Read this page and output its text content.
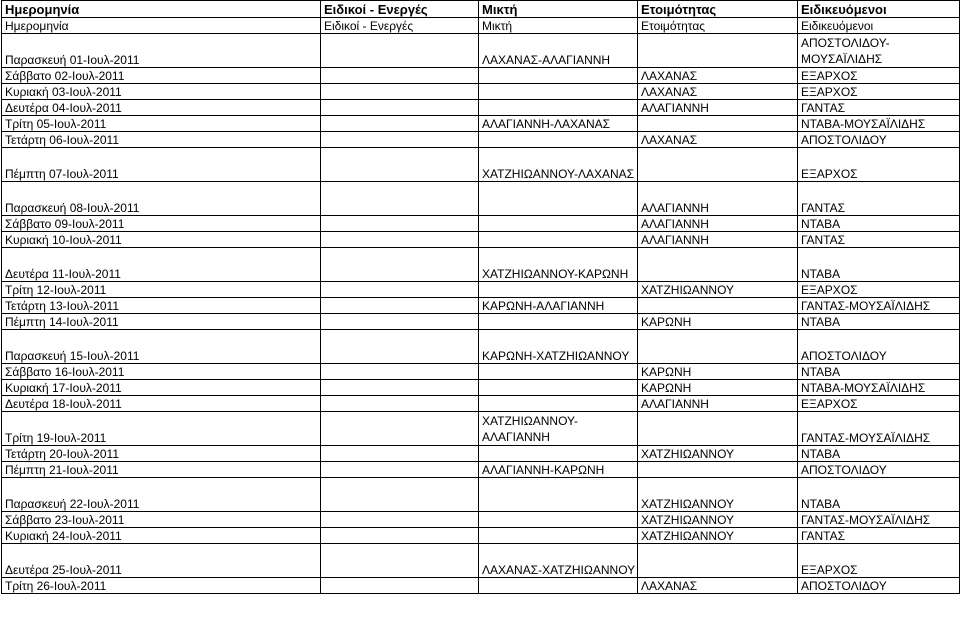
Ημερομηνία	Ειδικοί - Ενεργές	Μικτή	Ετοιμότητας	Ειδικευόμενοι	
Ημερομηνία	Ειδικοί - Ενεργές	Μικτή	Ετοιμότητας	Ειδικευόμενοι	
Παρασκευή 01-Ιουλ-2011		ΛΑΧΑΝΑΣ-ΑΛΑΓΙΑΝΝΗ		ΑΠΟΣΤΟΛΙΔΟΥ-ΜΟΥΣΑΪΛΙΔΗΣ	
Σάββατο 02-Ιουλ-2011			ΛΑΧΑΝΑΣ	ΕΞΑΡΧΟΣ	
Κυριακή 03-Ιουλ-2011			ΛΑΧΑΝΑΣ	ΕΞΑΡΧΟΣ	
Δευτέρα 04-Ιουλ-2011			ΑΛΑΓΙΑΝΝΗ	ΓΑΝΤΑΣ	
Τρίτη 05-Ιουλ-2011		ΑΛΑΓΙΑΝΝΗ-ΛΑΧΑΝΑΣ		ΝΤΑΒΑ-ΜΟΥΣΑΪΛΙΔΗΣ	
Τετάρτη 06-Ιουλ-2011			ΛΑΧΑΝΑΣ	ΑΠΟΣΤΟΛΙΔΟΥ	
Πέμπτη 07-Ιουλ-2011		ΧΑΤΖΗΙΩΑΝΝΟΥ-ΛΑΧΑΝΑΣ		ΕΞΑΡΧΟΣ	
Παρασκευή 08-Ιουλ-2011			ΑΛΑΓΙΑΝΝΗ	ΓΑΝΤΑΣ	
Σάββατο 09-Ιουλ-2011			ΑΛΑΓΙΑΝΝΗ	ΝΤΑΒΑ	
Κυριακή 10-Ιουλ-2011			ΑΛΑΓΙΑΝΝΗ	ΓΑΝΤΑΣ	
Δευτέρα 11-Ιουλ-2011		ΧΑΤΖΗΙΩΑΝΝΟΥ-ΚΑΡΩΝΗ		ΝΤΑΒΑ	
Τρίτη 12-Ιουλ-2011			ΧΑΤΖΗΙΩΑΝΝΟΥ	ΕΞΑΡΧΟΣ	
Τετάρτη 13-Ιουλ-2011		ΚΑΡΩΝΗ-ΑΛΑΓΙΑΝΝΗ		ΓΑΝΤΑΣ-ΜΟΥΣΑΪΛΙΔΗΣ	
Πέμπτη 14-Ιουλ-2011			ΚΑΡΩΝΗ	ΝΤΑΒΑ	
Παρασκευή 15-Ιουλ-2011		ΚΑΡΩΝΗ-ΧΑΤΖΗΙΩΑΝΝΟΥ		ΑΠΟΣΤΟΛΙΔΟΥ	
Σάββατο 16-Ιουλ-2011			ΚΑΡΩΝΗ	ΝΤΑΒΑ	
Κυριακή 17-Ιουλ-2011			ΚΑΡΩΝΗ	ΝΤΑΒΑ-ΜΟΥΣΑΪΛΙΔΗΣ	
Δευτέρα 18-Ιουλ-2011			ΑΛΑΓΙΑΝΝΗ	ΕΞΑΡΧΟΣ	
Τρίτη 19-Ιουλ-2011		ΧΑΤΖΗΙΩΑΝΝΟΥ-ΑΛΑΓΙΑΝΝΗ		ΓΑΝΤΑΣ-ΜΟΥΣΑΪΛΙΔΗΣ	
Τετάρτη 20-Ιουλ-2011			ΧΑΤΖΗΙΩΑΝΝΟΥ	ΝΤΑΒΑ	
Πέμπτη 21-Ιουλ-2011		ΑΛΑΓΙΑΝΝΗ-ΚΑΡΩΝΗ		ΑΠΟΣΤΟΛΙΔΟΥ	
Παρασκευή 22-Ιουλ-2011			ΧΑΤΖΗΙΩΑΝΝΟΥ	ΝΤΑΒΑ	
Σάββατο 23-Ιουλ-2011			ΧΑΤΖΗΙΩΑΝΝΟΥ	ΓΑΝΤΑΣ-ΜΟΥΣΑΪΛΙΔΗΣ	
Κυριακή 24-Ιουλ-2011			ΧΑΤΖΗΙΩΑΝΝΟΥ	ΓΑΝΤΑΣ	
Δευτέρα 25-Ιουλ-2011		ΛΑΧΑΝΑΣ-ΧΑΤΖΗΙΩΑΝΝΟΥ		ΕΞΑΡΧΟΣ	
Τρίτη 26-Ιουλ-2011			ΛΑΧΑΝΑΣ	ΑΠΟΣΤΟΛΙΔΟΥ	
